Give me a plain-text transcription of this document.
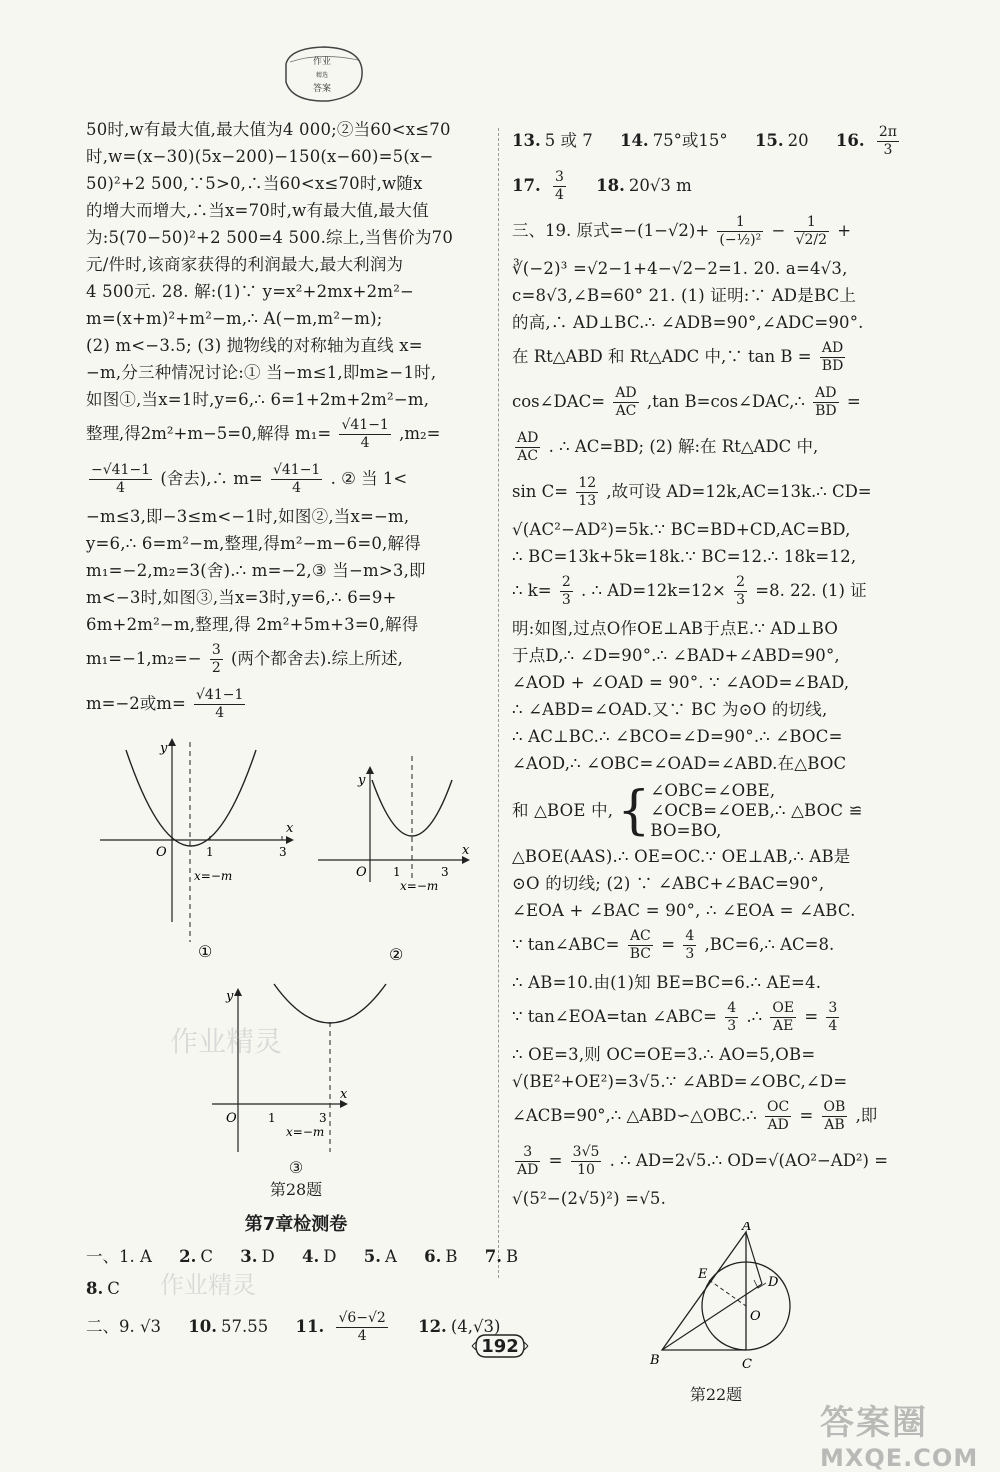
作业
精选
答案
50时,w有最大值,最大值为4 000;②当60<x≤70
时,w=(x−30)(5x−200)−150(x−60)=5(x−
50)²+2 500,∵5>0,∴当60<x≤70时,w随x
的增大而增大,∴当x=70时,w有最大值,最大值
为:5(70−50)²+2 500=4 500.综上,当售价为70
元/件时,该商家获得的利润最大,最大利润为
4 500元. 28. 解:(1)∵ y=x²+2mx+2m²−
m=(x+m)²+m²−m,∴ A(−m,m²−m);
(2) m<−3.5; (3) 抛物线的对称轴为直线 x=
−m,分三种情况讨论:① 当−m≤1,即m≥−1时,
如图①,当x=1时,y=6,∴ 6=1+2m+2m²−m,
整理,得2m²+m−5=0,解得 $m_1= \frac{√41-1}{4} ,m_2=$
$\frac{-√41-1}{4}$ (舍去),∴ $m= \frac{√41-1}{4}$ . ② 当 1<
−m≤3,即−3≤m<−1时,如图②,当x=−m,
y=6,∴ 6=m²−m,整理,得m²−m−6=0,解得
m₁=−2,m₂=3(舍).∴ m=−2,③ 当−m>3,即
m<−3时,如图③,当x=3时,y=6,∴ 6=9+
6m+2m²−m,整理,得 2m²+5m+3=0,解得
$m_1=-1,m_2=- \frac{3}{2}$ (两个都舍去).综上所述,
m=−2或$m= \frac{√41-1}{4}$
y
x
O	1	3
x=−m
①
y
x
O 1	3
x=−m
②
y
x
O	1	3
x=−m
③
第28题
第7章检测卷
一、1. A 2. C 3. D 4. D 5. A 6. B 7. B
8. C
二、9. √3 10. 57.55 11. $\frac{√6-√2}{4} 12$. (4,√3)
13. 5 或 7 14. 75°或15° 15. 20 16. $\frac{2\pi}{3}$
17. $\frac{3}{4} 18$. 20√3 m
三、19. 原式$=-(1-√2)+ \frac{1}{\text{(−½)²}} - \frac{1}{√2/2}$ +
∛(−2)³ =√2−1+4−√2−2=1. 20. a=4√3,
c=8√3,∠B=60° 21. (1) 证明:∵ AD是BC上
的高,∴ AD⊥BC.∴ ∠ADB=90°,∠ADC=90°.
在 Rt△ABD 和 Rt△ADC 中,∵ $\tan B = \frac{AD}{BD}$
cos∠DAC= $\frac{AD}{AC} ,\tan$ B=cos∠DAC,∴ $\frac{AD}{BD}$ =
$\frac{AD}{AC}$ . ∴ AC=BD; (2) 解:在 Rt△ADC 中,
$\sin C= \frac{12}{13}$ ,故可设 AD=12k,AC=13k.∴ CD=
√(AC²−AD²)=5k.∵ BC=BD+CD,AC=BD,
∴ BC=13k+5k=18k.∵ BC=12.∴ 18k=12,
∴ $k= \frac{2}{3}$ . ∴ $AD=12k=12\times \frac{2}{3} =8$. 22. (1) 证
明:如图,过点O作OE⊥AB于点E.∵ AD⊥BO
于点D,∴ ∠D=90°.∴ ∠BAD+∠ABD=90°,
∠AOD + ∠OAD = 90°. ∵ ∠AOD=∠BAD,
∴ ∠ABD=∠OAD.又∵ BC 为⊙O 的切线,
∴ AC⊥BC.∴ ∠BCO=∠D=90°.∴ ∠BOC=
∠AOD,∴ ∠OBC=∠OAD=∠ABD.在△BOC
和 △BOE 中, { ∠OBC=∠OBE,
∠OCB=∠OEB,∴ △BOC ≌
BO=BO,
△BOE(AAS).∴ OE=OC.∵ OE⊥AB,∴ AB是
⊙O 的切线; (2) ∵ ∠ABC+∠BAC=90°,
∠EOA + ∠BAC = 90°, ∴ ∠EOA = ∠ABC.
∵ tan∠ABC= $\frac{AC}{BC} = \frac{4}{3}$ ,BC=6,∴ AC=8.
∴ AB=10.由(1)知 BE=BC=6.∴ AE=4.
∵ tan∠EOA=tan ∠ABC= $\frac{4}{3}$ .∴ $\frac{OE}{AE} = \frac{3}{4}$
∴ OE=3,则 OC=OE=3.∴ AO=5,OB=
√(BE²+OE²)=3√5.∵ ∠ABD=∠OBC,∠D=
∠ACB=90°,∴ △ABD∽△OBC.∴ $\frac{OC}{AD} = \frac{OB}{AB}$ ,即
$\frac{3}{AD} = \frac{3√5}{10}$ . ∴ AD=2√5.∴ OD=√(AO²−AD²) =
√(5²−(2√5)²) =√5.
A
B	C
D
E
O
第22题
192
作业精灵
作业精灵
答案圈
MXQE.COM
